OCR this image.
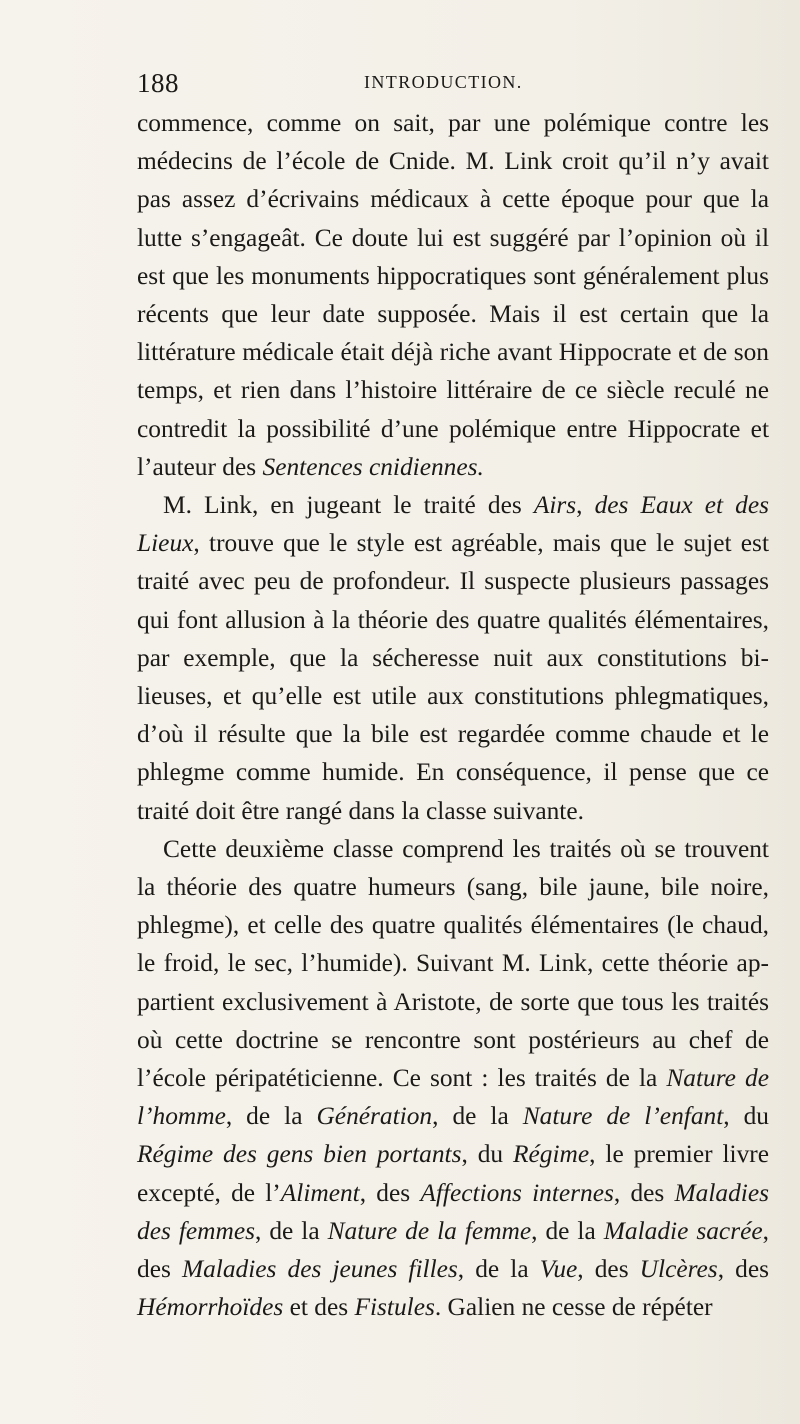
188	INTRODUCTION.

commence, comme on sait, par une polémique contre les médecins de l’école de Cnide. M. Link croit qu’il n’y avait pas assez d’écrivains médicaux à cette époque pour que la lutte s’engageât. Ce doute lui est suggéré par l’opinion où il est que les monuments hippocratiques sont généralement plus récents que leur date supposée. Mais il est certain que la littérature médicale était déjà riche avant Hippocrate et de son temps, et rien dans l’histoire littéraire de ce siècle reculé ne contredit la possibilité d’une polémique entre Hippocrate et l’auteur des Sentences cnidiennes.

M. Link, en jugeant le traité des Airs, des Eaux et des Lieux, trouve que le style est agréable, mais que le sujet est traité avec peu de profondeur. Il suspecte plusieurs passages qui font allusion à la théorie des quatre qualités élémentaires, par exemple, que la sécheresse nuit aux constitutions bilieuses, et qu’elle est utile aux constitutions phlegmatiques, d’où il résulte que la bile est regardée comme chaude et le phlegme comme humide. En conséquence, il pense que ce traité doit être rangé dans la classe suivante.

Cette deuxième classe comprend les traités où se trouvent la théorie des quatre humeurs (sang, bile jaune, bile noire, phlegme), et celle des quatre qualités élémentaires (le chaud, le froid, le sec, l’humide). Suivant M. Link, cette théorie appartient exclusivement à Aristote, de sorte que tous les traités où cette doctrine se rencontre sont postérieurs au chef de l’école péripatéticienne. Ce sont : les traités de la Nature de l’homme, de la Génération, de la Nature de l’enfant, du Régime des gens bien portants, du Régime, le premier livre excepté, de l’Aliment, des Affections internes, des Maladies des femmes, de la Nature de la femme, de la Maladie sacrée, des Maladies des jeunes filles, de la Vue, des Ulcères, des Hémorrhoïdes et des Fistules. Galien ne cesse de répéter
